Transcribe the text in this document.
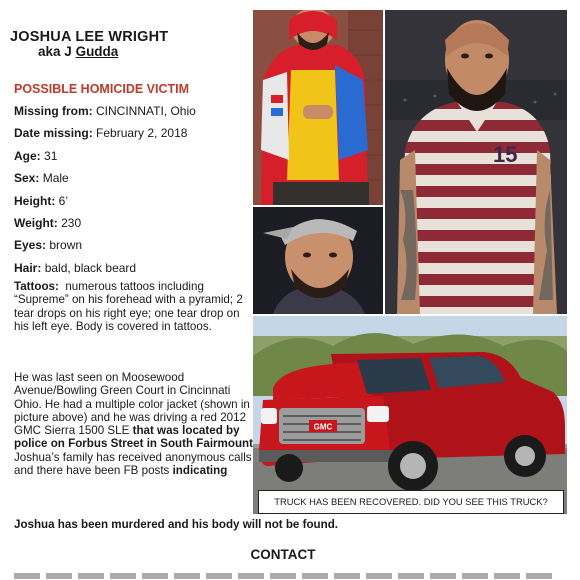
JOSHUA LEE WRIGHT
aka J Gudda
POSSIBLE HOMICIDE VICTIM
Missing from: CINCINNATI, Ohio
Date missing: February 2, 2018
Age: 31
Sex: Male
Height: 6’
Weight: 230
Eyes: brown
Hair: bald, black beard
Tattoos: numerous tattoos including “Supreme” on his forehead with a pyramid; 2 tear drops on his right eye; one tear drop on his left eye. Body is covered in tattoos.
He was last seen on Moosewood Avenue/Bowling Green Court in Cincinnati Ohio. He had a multiple color jacket (shown in picture above) and he was driving a red 2012 GMC Sierra 1500 SLE that was located by police on Forbus Street in South Fairmount Joshua’s family has received anonymous calls and there have been FB posts indicating
Joshua has been murdered and his body will not be found.
CONTACT
15
GMC
TRUCK HAS BEEN RECOVERED. DID YOU SEE THIS TRUCK?
